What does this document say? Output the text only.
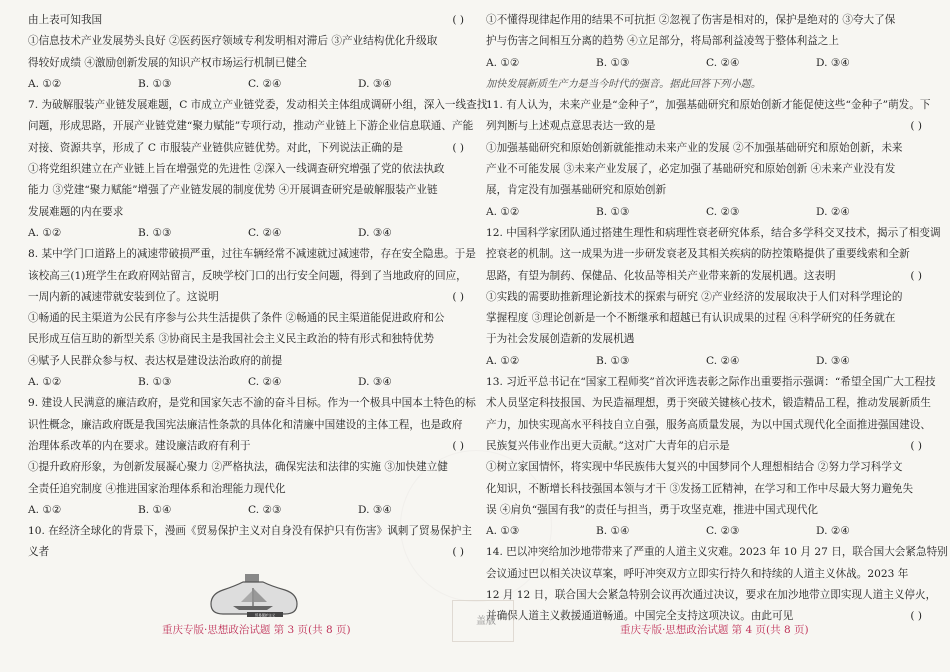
由上表可知我国	( )
①信息技术产业发展势头良好 ②医药医疗领域专利发明相对滞后 ③产业结构优化升级取
得较好成绩 ④激励创新发展的知识产权市场运行机制已健全
A. ①②	B. ①③	C. ②④	D. ③④
7. 为破解服装产业链发展难题，C 市成立产业链党委，发动相关主体组成调研小组，深入一线查找
问题，形成思路，开展产业链党建“聚力赋能”专项行动，推动产业链上下游企业信息联通、产能
对接、资源共享，形成了 C 市服装产业链供应链优势。对此，下列说法正确的是	( )
①将党组织建立在产业链上旨在增强党的先进性 ②深入一线调查研究增强了党的依法执政
能力 ③党建“聚力赋能”增强了产业链发展的制度优势 ④开展调查研究是破解服装产业链
发展难题的内在要求
A. ①②	B. ①③	C. ②④	D. ③④
8. 某中学门口道路上的减速带破损严重，过往车辆经常不减速就过减速带，存在安全隐患。于是
该校高三(1)班学生在政府网站留言，反映学校门口的出行安全问题，得到了当地政府的回应，
一周内新的减速带就安装到位了。这说明	( )
①畅通的民主渠道为公民有序参与公共生活提供了条件 ②畅通的民主渠道能促进政府和公
民形成互信互助的新型关系 ③协商民主是我国社会主义民主政治的特有形式和独特优势
④赋予人民群众参与权、表达权是建设法治政府的前提
A. ①②	B. ①③	C. ②④	D. ③④
9. 建设人民满意的廉洁政府，是党和国家矢志不渝的奋斗目标。作为一个极具中国本土特色的标
识性概念，廉洁政府既是我国宪法廉洁性条款的具体化和清廉中国建设的主体工程，也是政府
治理体系改革的内在要求。建设廉洁政府有利于	( )
①提升政府形象，为创新发展凝心聚力 ②严格执法，确保宪法和法律的实施 ③加快建立健
全责任追究制度 ④推进国家治理体系和治理能力现代化
A. ①②	B. ①④	C. ②③	D. ③④
10. 在经济全球化的背景下，漫画《贸易保护主义对自身没有保护只有伤害》讽刺了贸易保护主
义者	( )
①不懂得现律起作用的结果不可抗拒 ②忽视了伤害是相对的，保护是绝对的 ③夸大了保
护与伤害之间相互分离的趋势 ④立足部分，将局部利益凌驾于整体利益之上
A. ①②	B. ①③	C. ②④	D. ③④
加快发展新质生产力是当今时代的强音。据此回答下列小题。
11. 有人认为，未来产业是“金种子”，加强基础研究和原始创新才能促使这些“金种子”萌发。下
列判断与上述观点意思表达一致的是	( )
①加强基础研究和原始创新就能推动未来产业的发展 ②不加强基础研究和原始创新，未来
产业不可能发展 ③未来产业发展了，必定加强了基础研究和原始创新 ④未来产业没有发
展，肯定没有加强基础研究和原始创新
A. ①②	B. ①③	C. ②③	D. ②④
12. 中国科学家团队通过搭建生理性和病理性衰老研究体系，结合多学科交叉技术，揭示了相变调
控衰老的机制。这一成果为进一步研发衰老及其相关疾病的防控策略提供了重要线索和全新
思路，有望为制药、保健品、化妆品等相关产业带来新的发展机遇。这表明	( )
①实践的需要助推新理论新技术的探索与研究 ②产业经济的发展取决于人们对科学理论的
掌握程度 ③理论创新是一个不断继承和超越已有认识成果的过程 ④科学研究的任务就在
于为社会发展创造新的发展机遇
A. ①②	B. ①③	C. ②④	D. ③④
13. 习近平总书记在“国家工程师奖”首次评选表彰之际作出重要指示强调：“希望全国广大工程技
术人员坚定科技报国、为民造福理想，勇于突破关键核心技术，锻造精品工程，推动发展新质生
产力，加快实现高水平科技自立自强，服务高质量发展，为以中国式现代化全面推进强国建设、
民族复兴伟业作出更大贡献。”这对广大青年的启示是	( )
①树立家国情怀，将实现中华民族伟大复兴的中国梦同个人理想相结合 ②努力学习科学文
化知识，不断增长科技强国本领与才干 ③发扬工匠精神，在学习和工作中尽最大努力避免失
误 ④肩负“强国有我”的责任与担当，勇于攻坚克难，推进中国式现代化
A. ①③	B. ①④	C. ②③	D. ②④
14. 巴以冲突给加沙地带带来了严重的人道主义灾难。2023 年 10 月 27 日，联合国大会紧急特别
会议通过巴以相关决议草案，呼吁冲突双方立即实行持久和持续的人道主义休战。2023 年
12 月 12 日，联合国大会紧急特别会议再次通过决议，要求在加沙地带立即实现人道主义停火，
并确保人道主义救援通道畅通。中国完全支持这项决议。由此可见	( )
贸易保护主义
盖版
重庆专版·思想政治试题 第 3 页(共 8 页)	重庆专版·思想政治试题 第 4 页(共 8 页)
